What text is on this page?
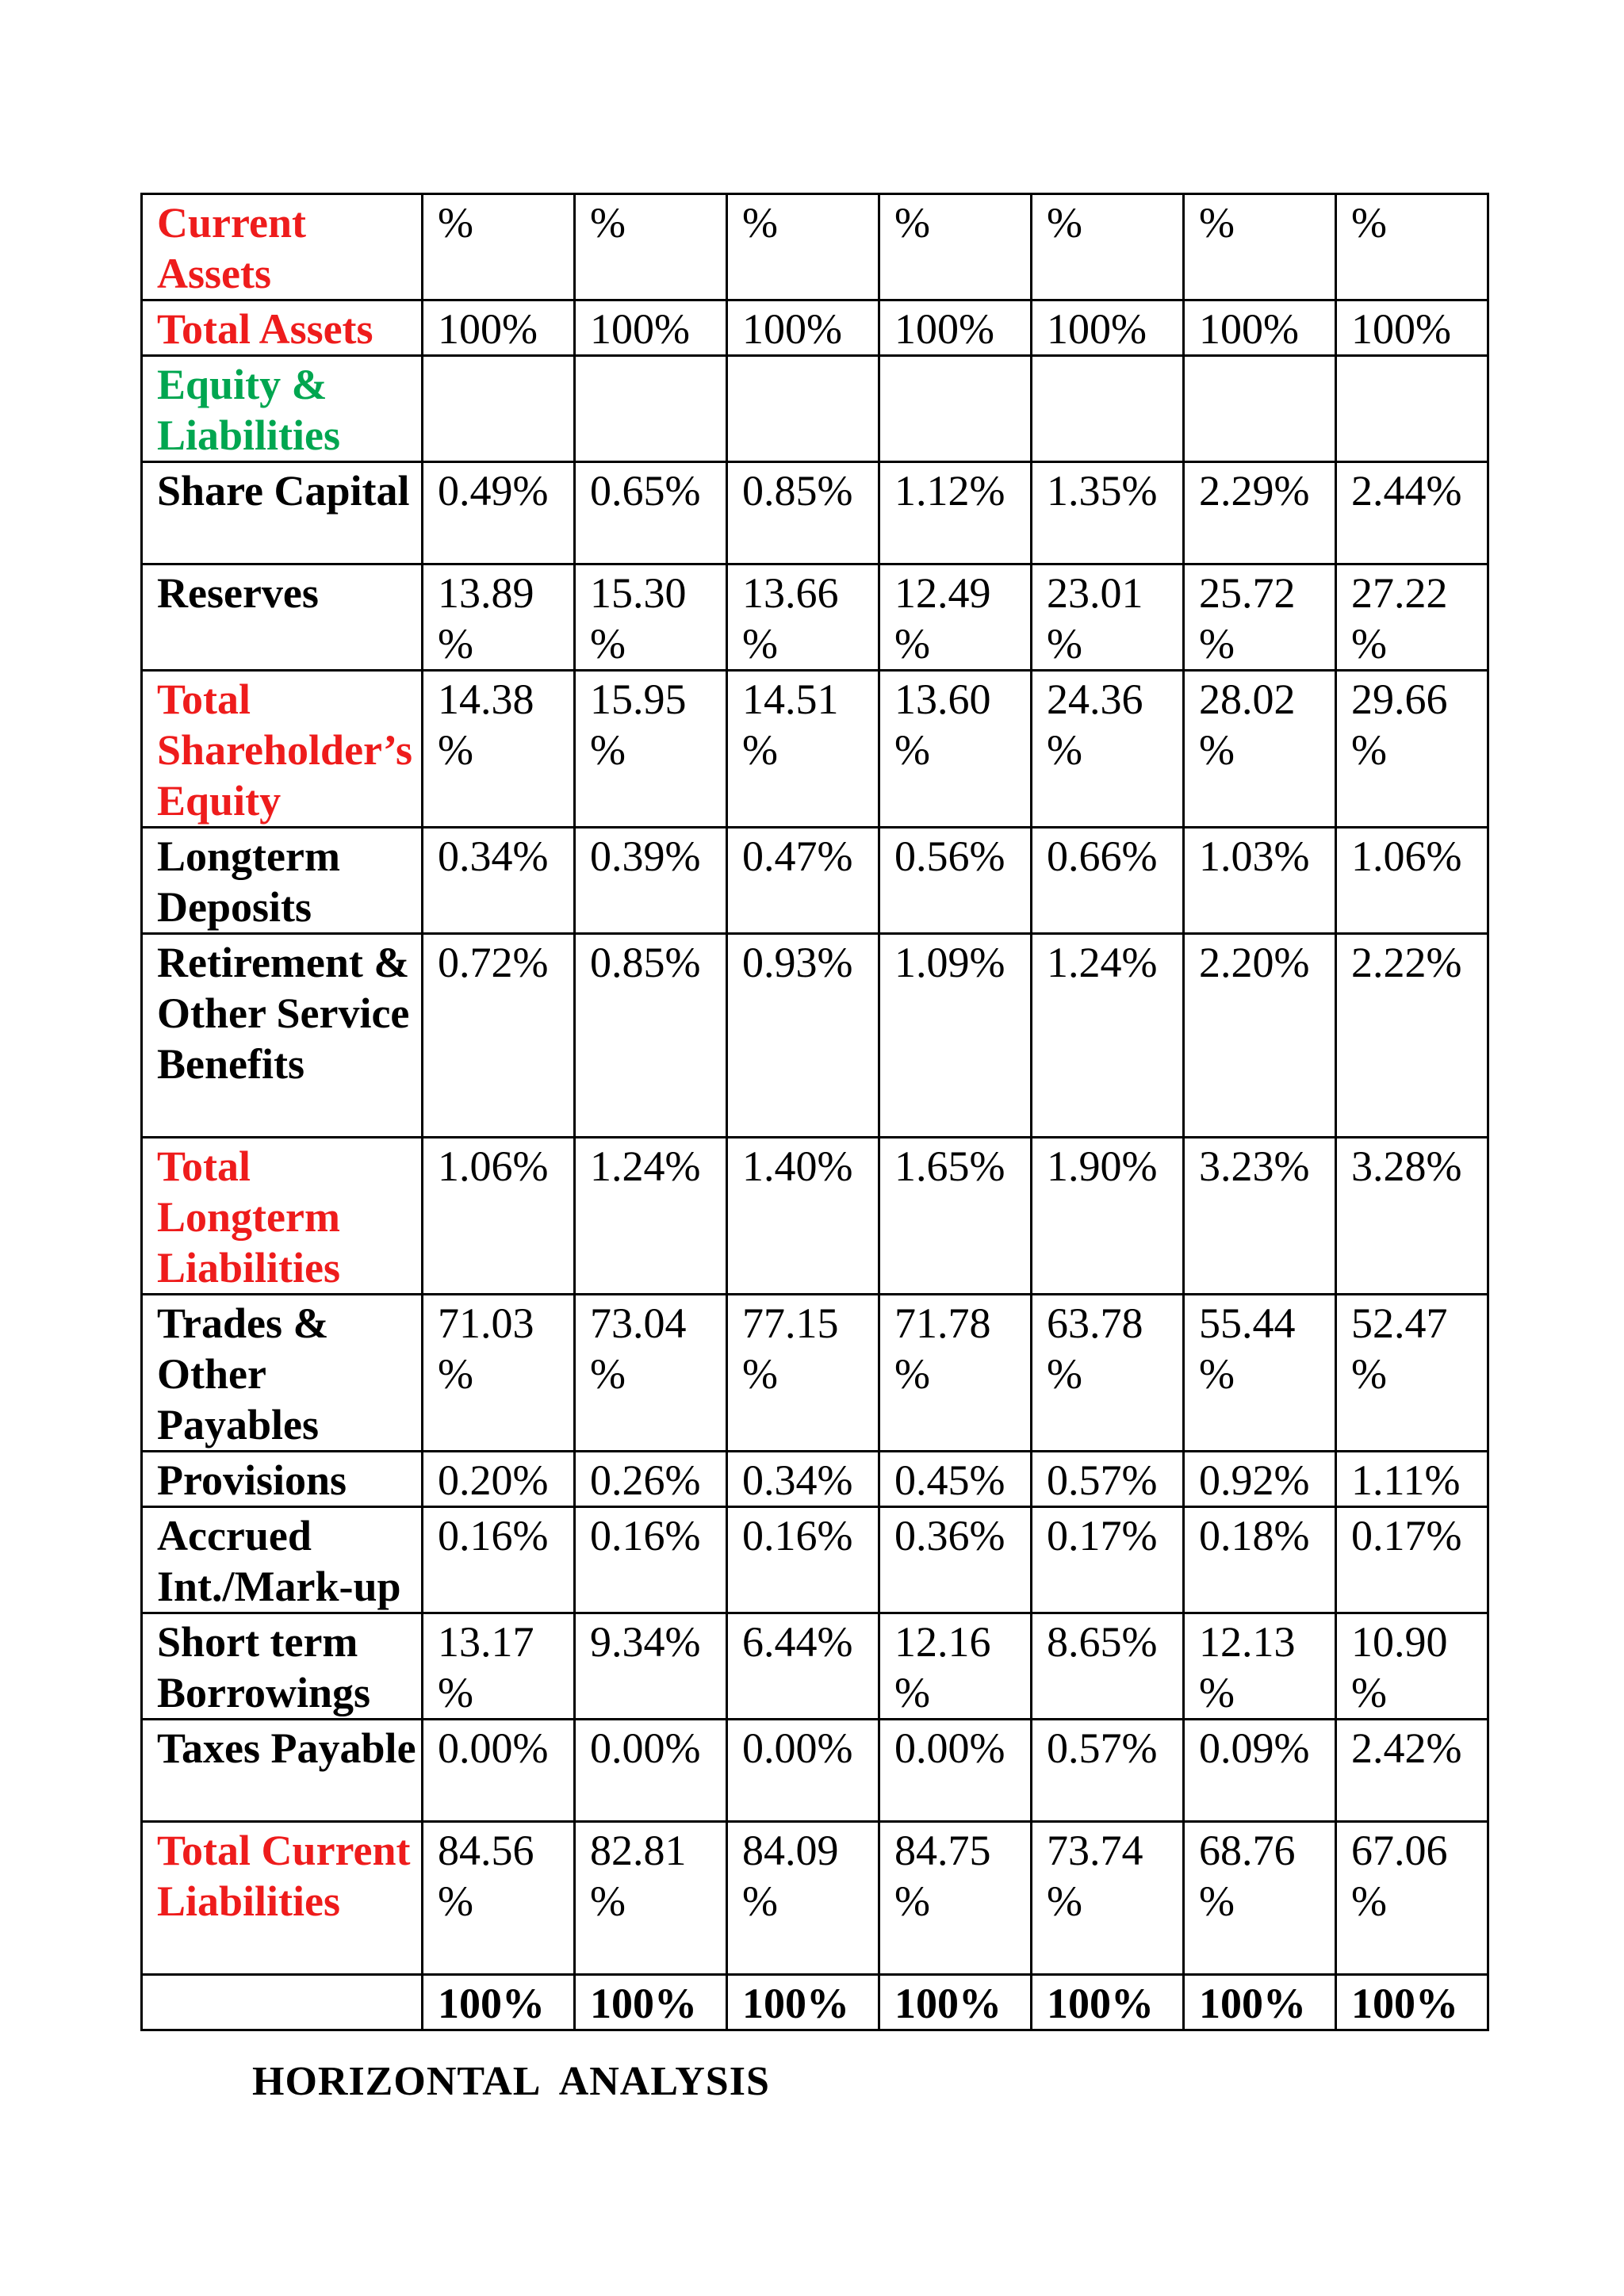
Current Assets	%	%	%	%	%	%	%
Total Assets	100%	100%	100%	100%	100%	100%	100%
Equity & Liabilities							
Share Capital	0.49%	0.65%	0.85%	1.12%	1.35%	2.29%	2.44%
Reserves	13.89 %	15.30 %	13.66 %	12.49 %	23.01 %	25.72 %	27.22 %
Total Shareholder’s Equity	14.38 %	15.95 %	14.51 %	13.60 %	24.36 %	28.02 %	29.66 %
Longterm Deposits	0.34%	0.39%	0.47%	0.56%	0.66%	1.03%	1.06%
Retirement & Other Service Benefits	0.72%	0.85%	0.93%	1.09%	1.24%	2.20%	2.22%
Total Longterm Liabilities	1.06%	1.24%	1.40%	1.65%	1.90%	3.23%	3.28%
Trades & Other Payables	71.03 %	73.04 %	77.15 %	71.78 %	63.78 %	55.44 %	52.47 %
Provisions	0.20%	0.26%	0.34%	0.45%	0.57%	0.92%	1.11%
Accrued Int./Mark-up	0.16%	0.16%	0.16%	0.36%	0.17%	0.18%	0.17%
Short term Borrowings	13.17 %	9.34%	6.44%	12.16 %	8.65%	12.13 %	10.90 %
Taxes Payable	0.00%	0.00%	0.00%	0.00%	0.57%	0.09%	2.42%
Total Current Liabilities	84.56 %	82.81 %	84.09 %	84.75 %	73.74 %	68.76 %	67.06 %
	100%	100%	100%	100%	100%	100%	100%
HORIZONTAL  ANALYSIS
